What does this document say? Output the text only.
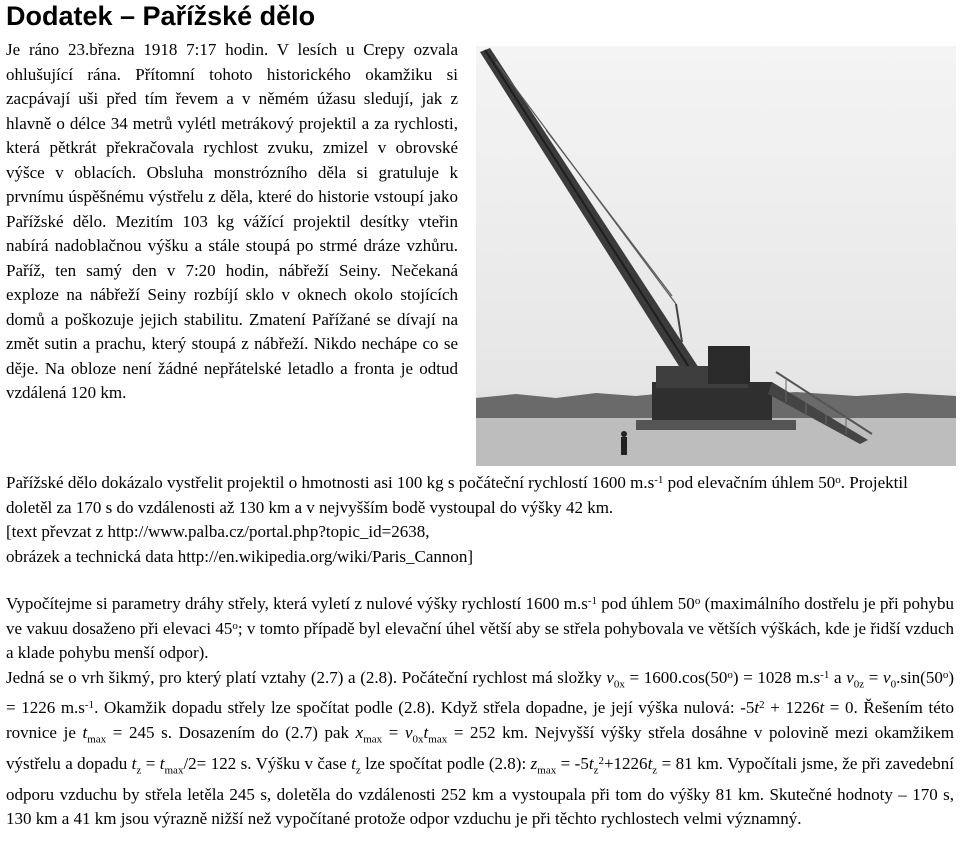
Dodatek – Pařížské dělo
Je ráno 23.března 1918 7:17 hodin. V lesích u Crepy ozvala ohlušující rána. Přítomní tohoto historického okamžiku si zacpávají uši před tím řevem a v němém úžasu sledují, jak z hlavně o délce 34 metrů vylétl metrákový projektil a za rychlosti, která pětkrát překračovala rychlost zvuku, zmizel v obrovské výšce v oblacích. Obsluha monstrózního děla si gratuluje k prvnímu úspěšnému výstřelu z děla, které do historie vstoupí jako Pařížské dělo. Mezitím 103 kg vážící projektil desítky vteřin nabírá nadoblačnou výšku a stále stoupá po strmé dráze vzhůru. Paříž, ten samý den v 7:20 hodin, nábřeží Seiny. Nečekaná exploze na nábřeží Seiny rozbíjí sklo v oknech okolo stojících domů a poškozuje jejich stabilitu. Zmatení Pařížané se dívají na změt sutin a prachu, který stoupá z nábřeží. Nikdo nechápe co se děje. Na obloze není žádné nepřátelské letadlo a fronta je odtud vzdálená 120 km.
Pařížské dělo dokázalo vystřelit projektil o hmotnosti asi 100 kg s počáteční rychlostí 1600 $m.s^{-1}$ pod elevačním úhlem 50$^o$. Projektil doletěl za 170 s do vzdálenosti až 130 km a v nejvyšším bodě vystoupal do výšky 42 km.
[text převzat z http://www.palba.cz/portal.php?topic_id=2638,
obrázek a technická data http://en.wikipedia.org/wiki/Paris_Cannon]
Vypočítejme si parametry dráhy střely, která vyletí z nulové výšky rychlostí 1600 $m.s^{-1}$ pod úhlem 50$^o$ (maximálního dostřelu je při pohybu ve vakuu dosaženo při elevaci 45$^o$; v tomto případě byl elevační úhel větší aby se střela pohybovala ve větších výškách, kde je řidší vzduch a klade pohybu menší odpor).
Jedná se o vrh šikmý, pro který platí vztahy (2.7) a (2.8). Počáteční rychlost má složky $v_{0x} = 1600.\cos(50^o) = 1028$ $m.s^{-1}$ a $v_{0z} = v_0.\sin(50^o) = 1226$ $m.s^{-1}$. Okamžik dopadu střely lze spočítat podle (2.8). Když střela dopadne, je její výška nulová: $-5t^2 + 1226t = 0$. Řešením této rovnice je $t_{max} = 245$ s. Dosazením do (2.7) pak $x_{max} = v_{0x}t_{max} = 252$ km. Nejvyšší výšky střela dosáhne v polovině mezi okamžikem výstřelu a dopadu $t_z = t_{max}/2= 122$ s. Výšku v čase $t_z$ lze spočítat podle (2.8): $z_{max} = -5t_z^2+1226t_z = 81$ km. Vypočítali jsme, že při zavedební odporu vzduchu by střela letěla 245 s, doletěla do vzdálenosti 252 km a vystoupala při tom do výšky 81 km. Skutečné hodnoty – 170 s, 130 km a 41 km jsou výrazně nižší než vypočítané protože odpor vzduchu je při těchto rychlostech velmi významný.
